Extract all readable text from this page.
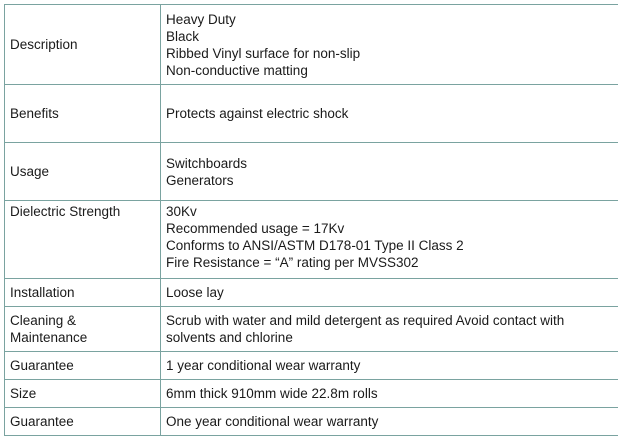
Description	Heavy Duty
Black
Ribbed Vinyl surface for non-slip
Non-conductive matting

Benefits	Protects against electric shock

Usage	Switchboards
Generators

Dielectric Strength	30Kv
Recommended usage = 17Kv
Conforms to ANSI/ASTM D178-01 Type II Class 2
Fire Resistance = “A” rating per MVSS302

Installation	Loose lay

Cleaning &
Maintenance	Scrub with water and mild detergent as required Avoid contact with
solvents and chlorine

Guarantee	1 year conditional wear warranty

Size	6mm thick 910mm wide 22.8m rolls

Guarantee	One year conditional wear warranty
